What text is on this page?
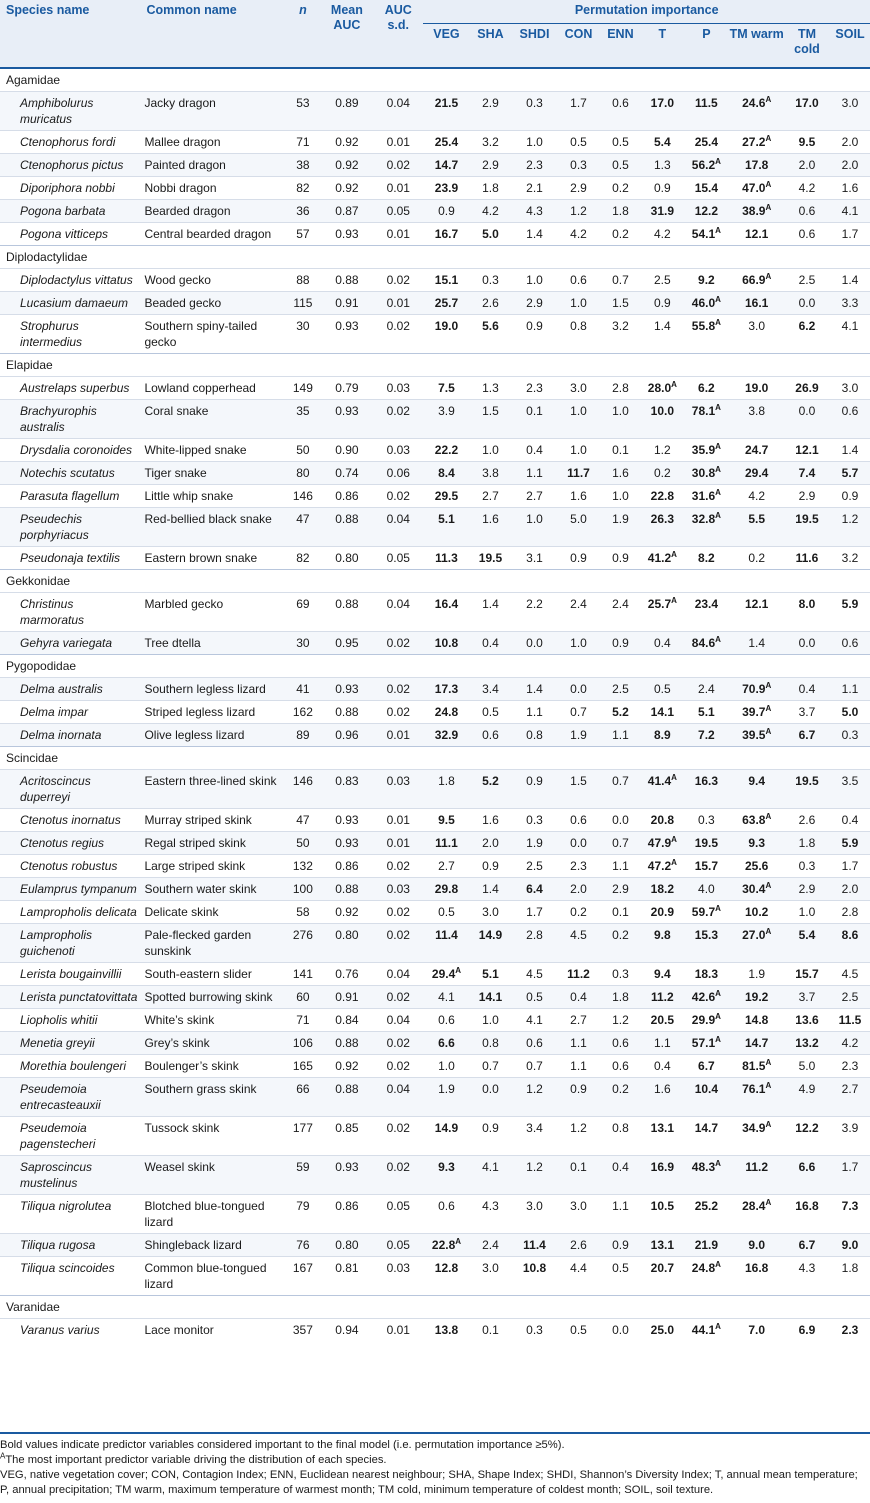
Species name	Common name	n	Mean AUC	AUC s.d.	Permutation importance									
					VEG	SHA	SHDI	CON	ENN	T	P	TM warm	TM cold	SOIL
Agamidae														
Amphibolurus muricatus	Jacky dragon	53	0.89	0.04	21.5	2.9	0.3	1.7	0.6	17.0	11.5	$24.6^A$	17.0	3.0
Ctenophorus fordi	Mallee dragon	71	0.92	0.01	25.4	3.2	1.0	0.5	0.5	5.4	25.4	$27.2^A$	9.5	2.0
Ctenophorus pictus	Painted dragon	38	0.92	0.02	14.7	2.9	2.3	0.3	0.5	1.3	$56.2^A$	17.8	2.0	2.0
Diporiphora nobbi	Nobbi dragon	82	0.92	0.01	23.9	1.8	2.1	2.9	0.2	0.9	15.4	$47.0^A$	4.2	1.6
Pogona barbata	Bearded dragon	36	0.87	0.05	0.9	4.2	4.3	1.2	1.8	31.9	12.2	$38.9^A$	0.6	4.1
Pogona vitticeps	Central bearded dragon	57	0.93	0.01	16.7	5.0	1.4	4.2	0.2	4.2	$54.1^A$	12.1	0.6	1.7
Diplodactylidae														
Diplodactylus vittatus	Wood gecko	88	0.88	0.02	15.1	0.3	1.0	0.6	0.7	2.5	9.2	$66.9^A$	2.5	1.4
Lucasium damaeum	Beaded gecko	115	0.91	0.01	25.7	2.6	2.9	1.0	1.5	0.9	$46.0^A$	16.1	0.0	3.3
Strophurus intermedius	Southern spiny-tailed gecko	30	0.93	0.02	19.0	5.6	0.9	0.8	3.2	1.4	$55.8^A$	3.0	6.2	4.1
Elapidae														
Austrelaps superbus	Lowland copperhead	149	0.79	0.03	7.5	1.3	2.3	3.0	2.8	$28.0^A$	6.2	19.0	26.9	3.0
Brachyurophis australis	Coral snake	35	0.93	0.02	3.9	1.5	0.1	1.0	1.0	10.0	$78.1^A$	3.8	0.0	0.6
Drysdalia coronoides	White-lipped snake	50	0.90	0.03	22.2	1.0	0.4	1.0	0.1	1.2	$35.9^A$	24.7	12.1	1.4
Notechis scutatus	Tiger snake	80	0.74	0.06	8.4	3.8	1.1	11.7	1.6	0.2	$30.8^A$	29.4	7.4	5.7
Parasuta flagellum	Little whip snake	146	0.86	0.02	29.5	2.7	2.7	1.6	1.0	22.8	$31.6^A$	4.2	2.9	0.9
Pseudechis porphyriacus	Red-bellied black snake	47	0.88	0.04	5.1	1.6	1.0	5.0	1.9	26.3	$32.8^A$	5.5	19.5	1.2
Pseudonaja textilis	Eastern brown snake	82	0.80	0.05	11.3	19.5	3.1	0.9	0.9	$41.2^A$	8.2	0.2	11.6	3.2
Gekkonidae														
Christinus marmoratus	Marbled gecko	69	0.88	0.04	16.4	1.4	2.2	2.4	2.4	$25.7^A$	23.4	12.1	8.0	5.9
Gehyra variegata	Tree dtella	30	0.95	0.02	10.8	0.4	0.0	1.0	0.9	0.4	$84.6^A$	1.4	0.0	0.6
Pygopodidae														
Delma australis	Southern legless lizard	41	0.93	0.02	17.3	3.4	1.4	0.0	2.5	0.5	2.4	$70.9^A$	0.4	1.1
Delma impar	Striped legless lizard	162	0.88	0.02	24.8	0.5	1.1	0.7	5.2	14.1	5.1	$39.7^A$	3.7	5.0
Delma inornata	Olive legless lizard	89	0.96	0.01	32.9	0.6	0.8	1.9	1.1	8.9	7.2	$39.5^A$	6.7	0.3
Scincidae														
Acritoscincus duperreyi	Eastern three-lined skink	146	0.83	0.03	1.8	5.2	0.9	1.5	0.7	$41.4^A$	16.3	9.4	19.5	3.5
Ctenotus inornatus	Murray striped skink	47	0.93	0.01	9.5	1.6	0.3	0.6	0.0	20.8	0.3	$63.8^A$	2.6	0.4
Ctenotus regius	Regal striped skink	50	0.93	0.01	11.1	2.0	1.9	0.0	0.7	$47.9^A$	19.5	9.3	1.8	5.9
Ctenotus robustus	Large striped skink	132	0.86	0.02	2.7	0.9	2.5	2.3	1.1	$47.2^A$	15.7	25.6	0.3	1.7
Eulamprus tympanum	Southern water skink	100	0.88	0.03	29.8	1.4	6.4	2.0	2.9	18.2	4.0	$30.4^A$	2.9	2.0
Lampropholis delicata	Delicate skink	58	0.92	0.02	0.5	3.0	1.7	0.2	0.1	20.9	$59.7^A$	10.2	1.0	2.8
Lampropholis guichenoti	Pale-flecked garden sunskink	276	0.80	0.02	11.4	14.9	2.8	4.5	0.2	9.8	15.3	$27.0^A$	5.4	8.6
Lerista bougainvillii	South-eastern slider	141	0.76	0.04	$29.4^A$	5.1	4.5	11.2	0.3	9.4	18.3	1.9	15.7	4.5
Lerista punctatovittata	Spotted burrowing skink	60	0.91	0.02	4.1	14.1	0.5	0.4	1.8	11.2	$42.6^A$	19.2	3.7	2.5
Liopholis whitii	White’s skink	71	0.84	0.04	0.6	1.0	4.1	2.7	1.2	20.5	$29.9^A$	14.8	13.6	11.5
Menetia greyii	Grey’s skink	106	0.88	0.02	6.6	0.8	0.6	1.1	0.6	1.1	$57.1^A$	14.7	13.2	4.2
Morethia boulengeri	Boulenger’s skink	165	0.92	0.02	1.0	0.7	0.7	1.1	0.6	0.4	6.7	$81.5^A$	5.0	2.3
Pseudemoia entrecasteauxii	Southern grass skink	66	0.88	0.04	1.9	0.0	1.2	0.9	0.2	1.6	10.4	$76.1^A$	4.9	2.7
Pseudemoia pagenstecheri	Tussock skink	177	0.85	0.02	14.9	0.9	3.4	1.2	0.8	13.1	14.7	$34.9^A$	12.2	3.9
Saproscincus mustelinus	Weasel skink	59	0.93	0.02	9.3	4.1	1.2	0.1	0.4	16.9	$48.3^A$	11.2	6.6	1.7
Tiliqua nigrolutea	Blotched blue-tongued lizard	79	0.86	0.05	0.6	4.3	3.0	3.0	1.1	10.5	25.2	$28.4^A$	16.8	7.3
Tiliqua rugosa	Shingleback lizard	76	0.80	0.05	$22.8^A$	2.4	11.4	2.6	0.9	13.1	21.9	9.0	6.7	9.0
Tiliqua scincoides	Common blue-tongued lizard	167	0.81	0.03	12.8	3.0	10.8	4.4	0.5	20.7	$24.8^A$	16.8	4.3	1.8
Varanidae														
Varanus varius	Lace monitor	357	0.94	0.01	13.8	0.1	0.3	0.5	0.0	25.0	$44.1^A$	7.0	6.9	2.3
Bold values indicate predictor variables considered important to the final model (i.e. permutation importance ≥5%).
$^A$The most important predictor variable driving the distribution of each species.
VEG, native vegetation cover; CON, Contagion Index; ENN, Euclidean nearest neighbour; SHA, Shape Index; SHDI, Shannon’s Diversity Index; T, annual mean temperature; P, annual precipitation; TM warm, maximum temperature of warmest month; TM cold, minimum temperature of coldest month; SOIL, soil texture.
